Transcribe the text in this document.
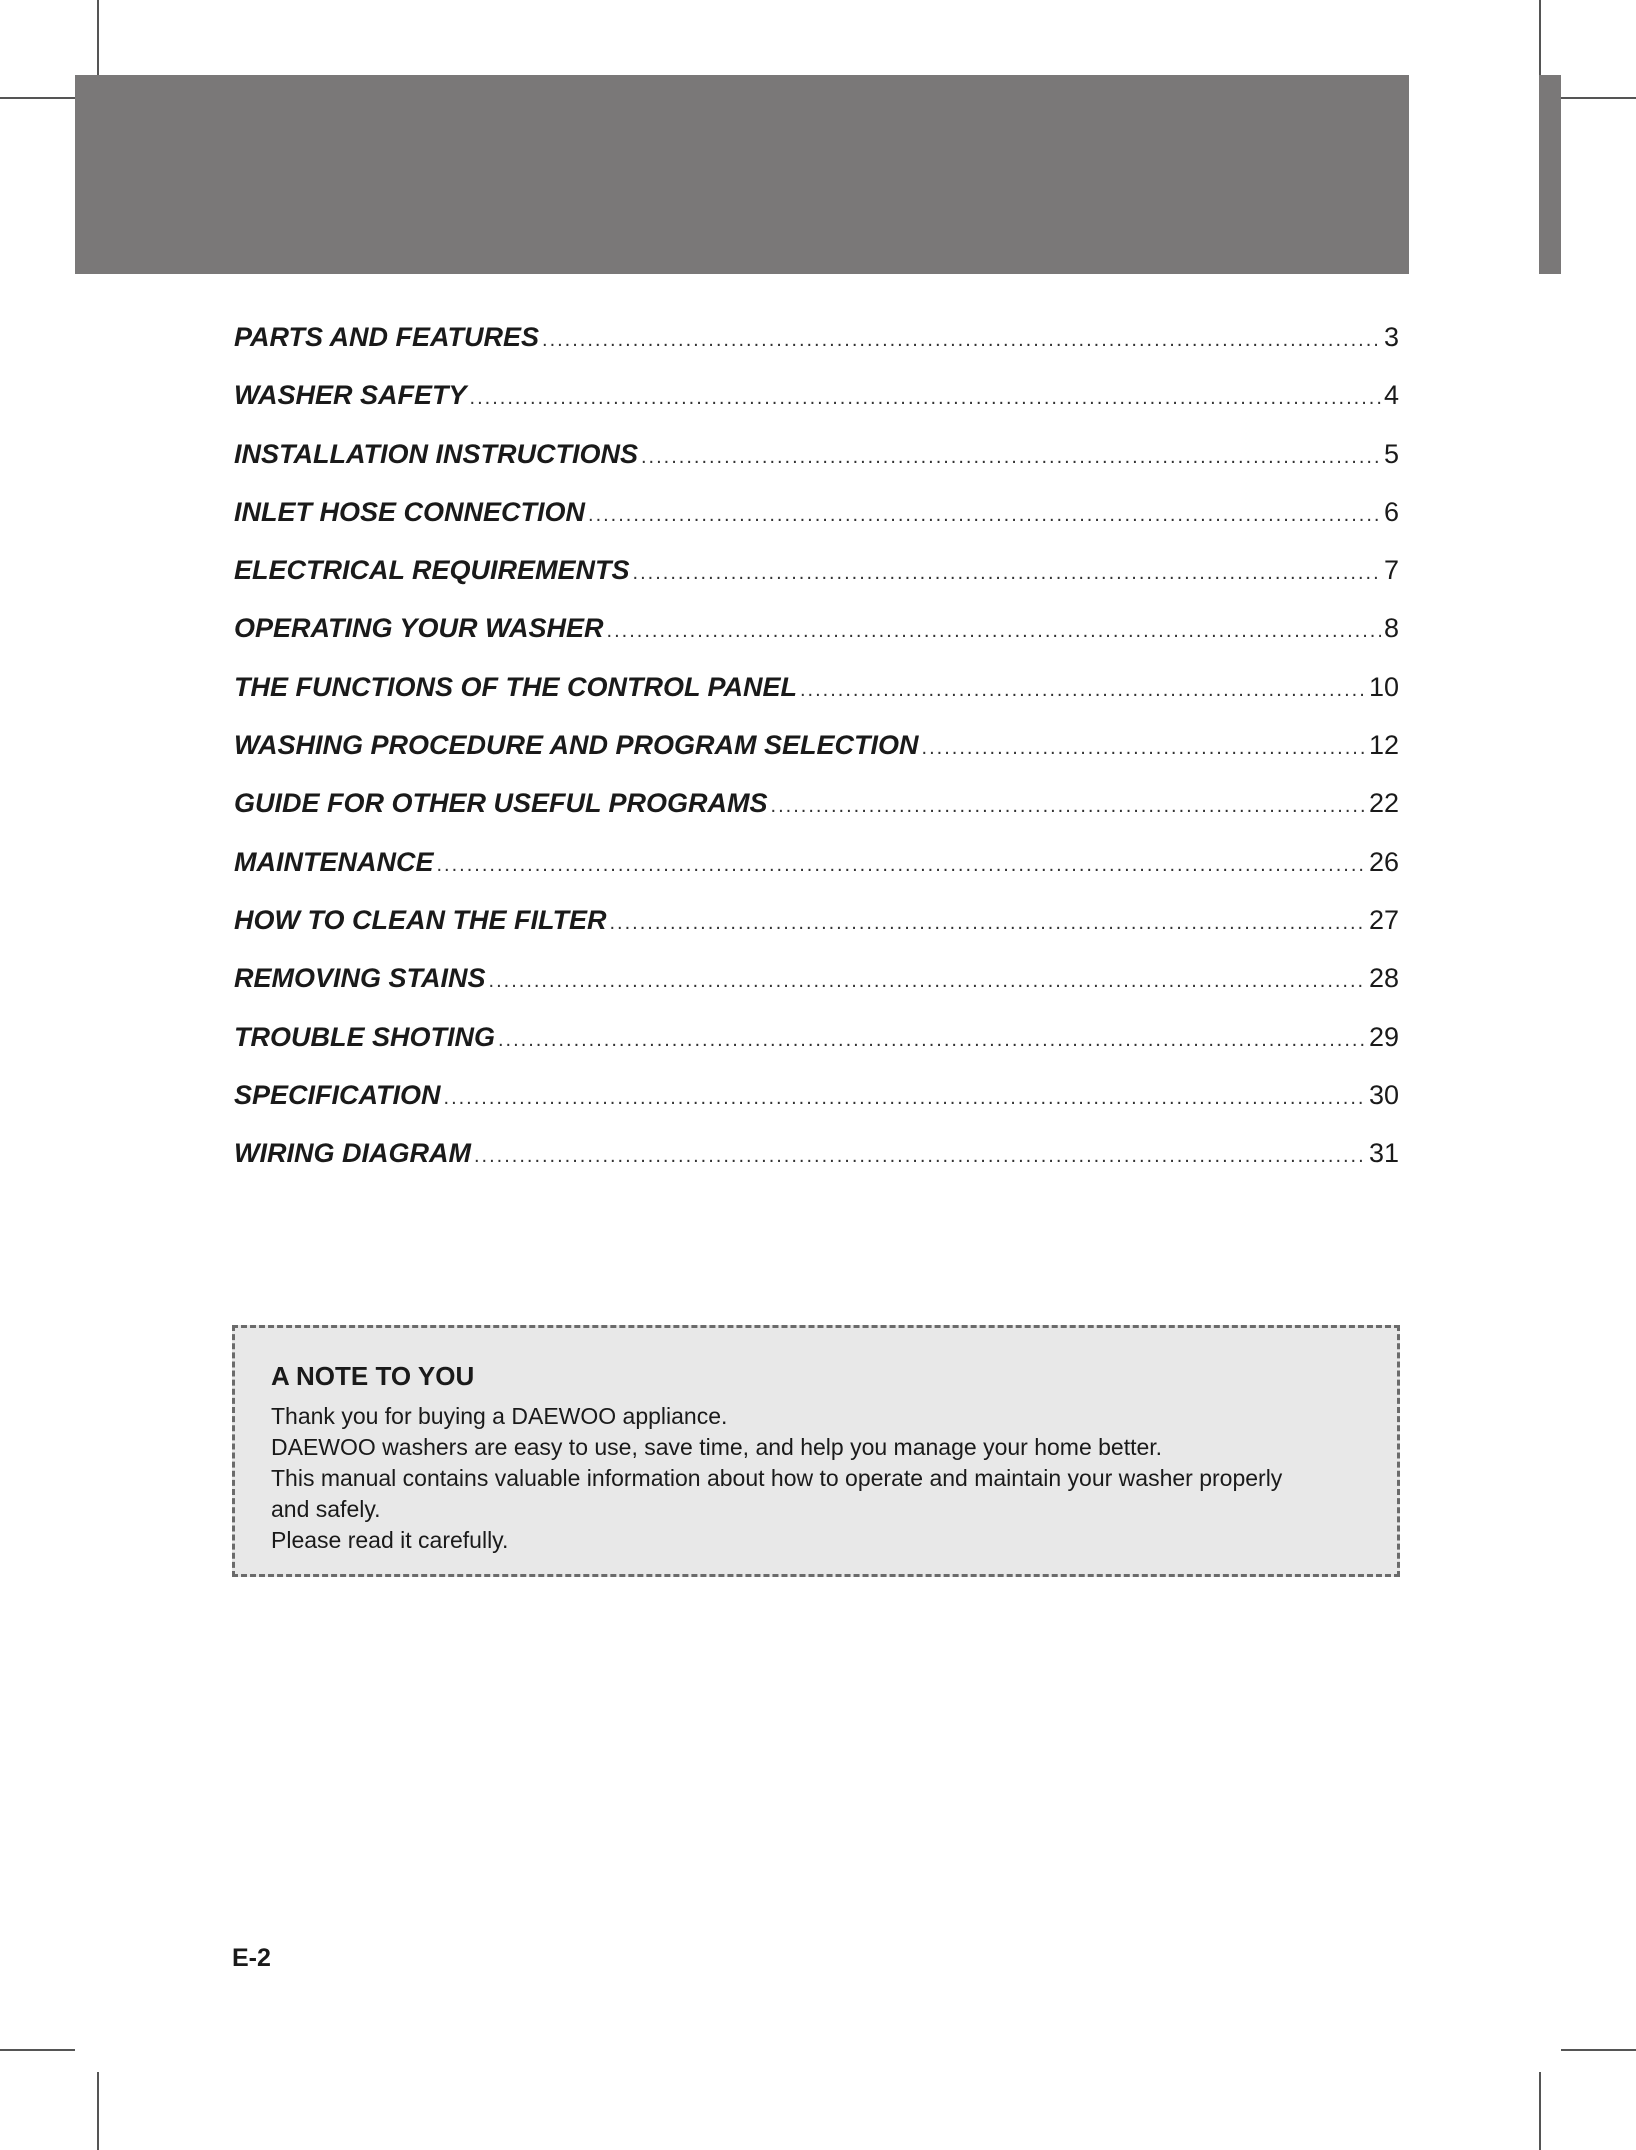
PARTS AND FEATURES .....	3
WASHER SAFETY .....	4
INSTALLATION INSTRUCTIONS .....	5
INLET HOSE CONNECTION .....	6
ELECTRICAL REQUIREMENTS .....	7
OPERATING YOUR WASHER .....	8
THE FUNCTIONS OF THE CONTROL PANEL .....	10
WASHING PROCEDURE AND PROGRAM SELECTION .....	12
GUIDE FOR OTHER USEFUL PROGRAMS .....	22
MAINTENANCE .....	26
HOW TO CLEAN THE FILTER .....	27
REMOVING STAINS .....	28
TROUBLE SHOTING .....	29
SPECIFICATION .....	30
WIRING DIAGRAM .....	31

A NOTE TO YOU

Thank you for buying a DAEWOO appliance.

DAEWOO washers are easy to use, save time, and help you manage your home better.

This manual contains valuable information about how to operate and maintain your washer properly

and safely.

Please read it carefully.

E-2
